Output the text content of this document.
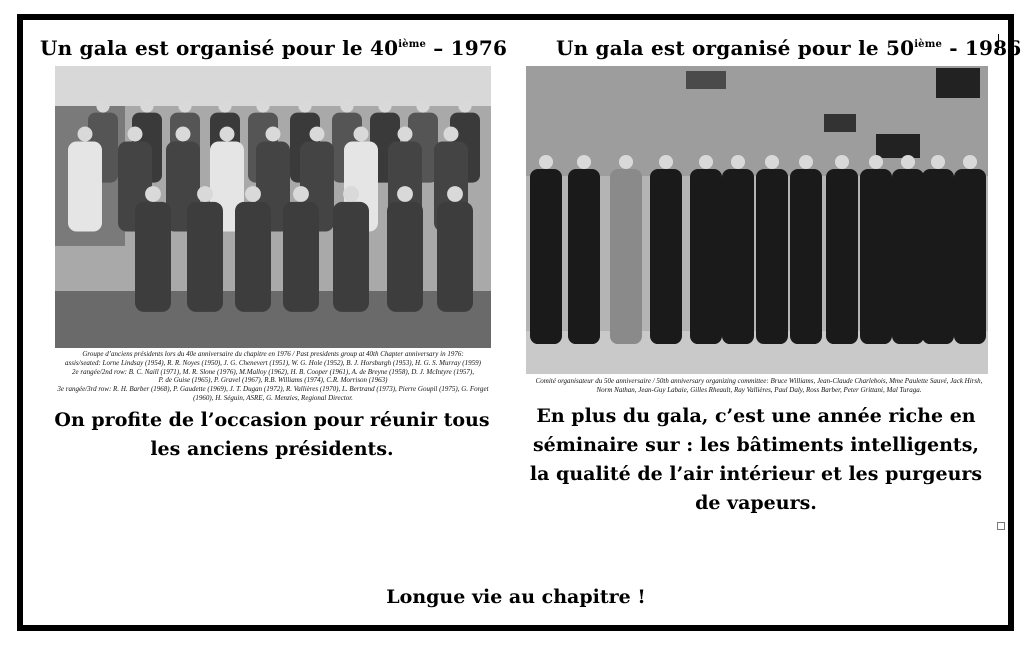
Un gala est organisé pour le 40ième – 1976 Un gala est organisé pour le 50ième - 1986
Groupe d’anciens présidents lors du 40e anniversaire du chapitre en 1976 / Past presidents group at 40th Chapter anniversary in 1976:
assis/seated: Lorne Lindsay (1954), R. R. Noyes (1950), J. G. Chenevert (1951), W. G. Hole (1952), B. J. Horsburgh (1953), H. G. S. Murray (1959)
2e rangée/2nd row: B. C. Naill (1971), M. R. Slone (1976), M.Malloy (1962), H. B. Cooper (1961), A. de Breyne (1958), D. J. McIntyre (1957),
P. de Guise (1965), P. Gravel (1967), R.B. Williams (1974), C.R. Morrison (1963)
3e rangée/3rd row: R. H. Barber (1968), P. Gaudette (1969), J. T. Dugan (1972), R. Vallières (1970), L. Bertrand (1973), Pierre Goupil (1975), G. Forget
(1960), H. Séguin, ASRE, G. Menzies, Regional Director.
Comité organisateur du 50e anniversaire / 50th anniversary organizing committee: Bruce Williams, Jean-Claude Charlebois, Mme Paulette Sauvé, Jack Hirsh, Norm Nathan, Jean-Guy Labaie, Gilles Rheault, Ray Vallières, Paul Daly, Ross Barber, Peter Grittani, Mal Turaga.
On profite de l’occasion pour réunir tous les anciens présidents.
En plus du gala, c’est une année riche en séminaire sur : les bâtiments intelligents, la qualité de l’air intérieur et les purgeurs de vapeurs.
Longue vie au chapitre !
